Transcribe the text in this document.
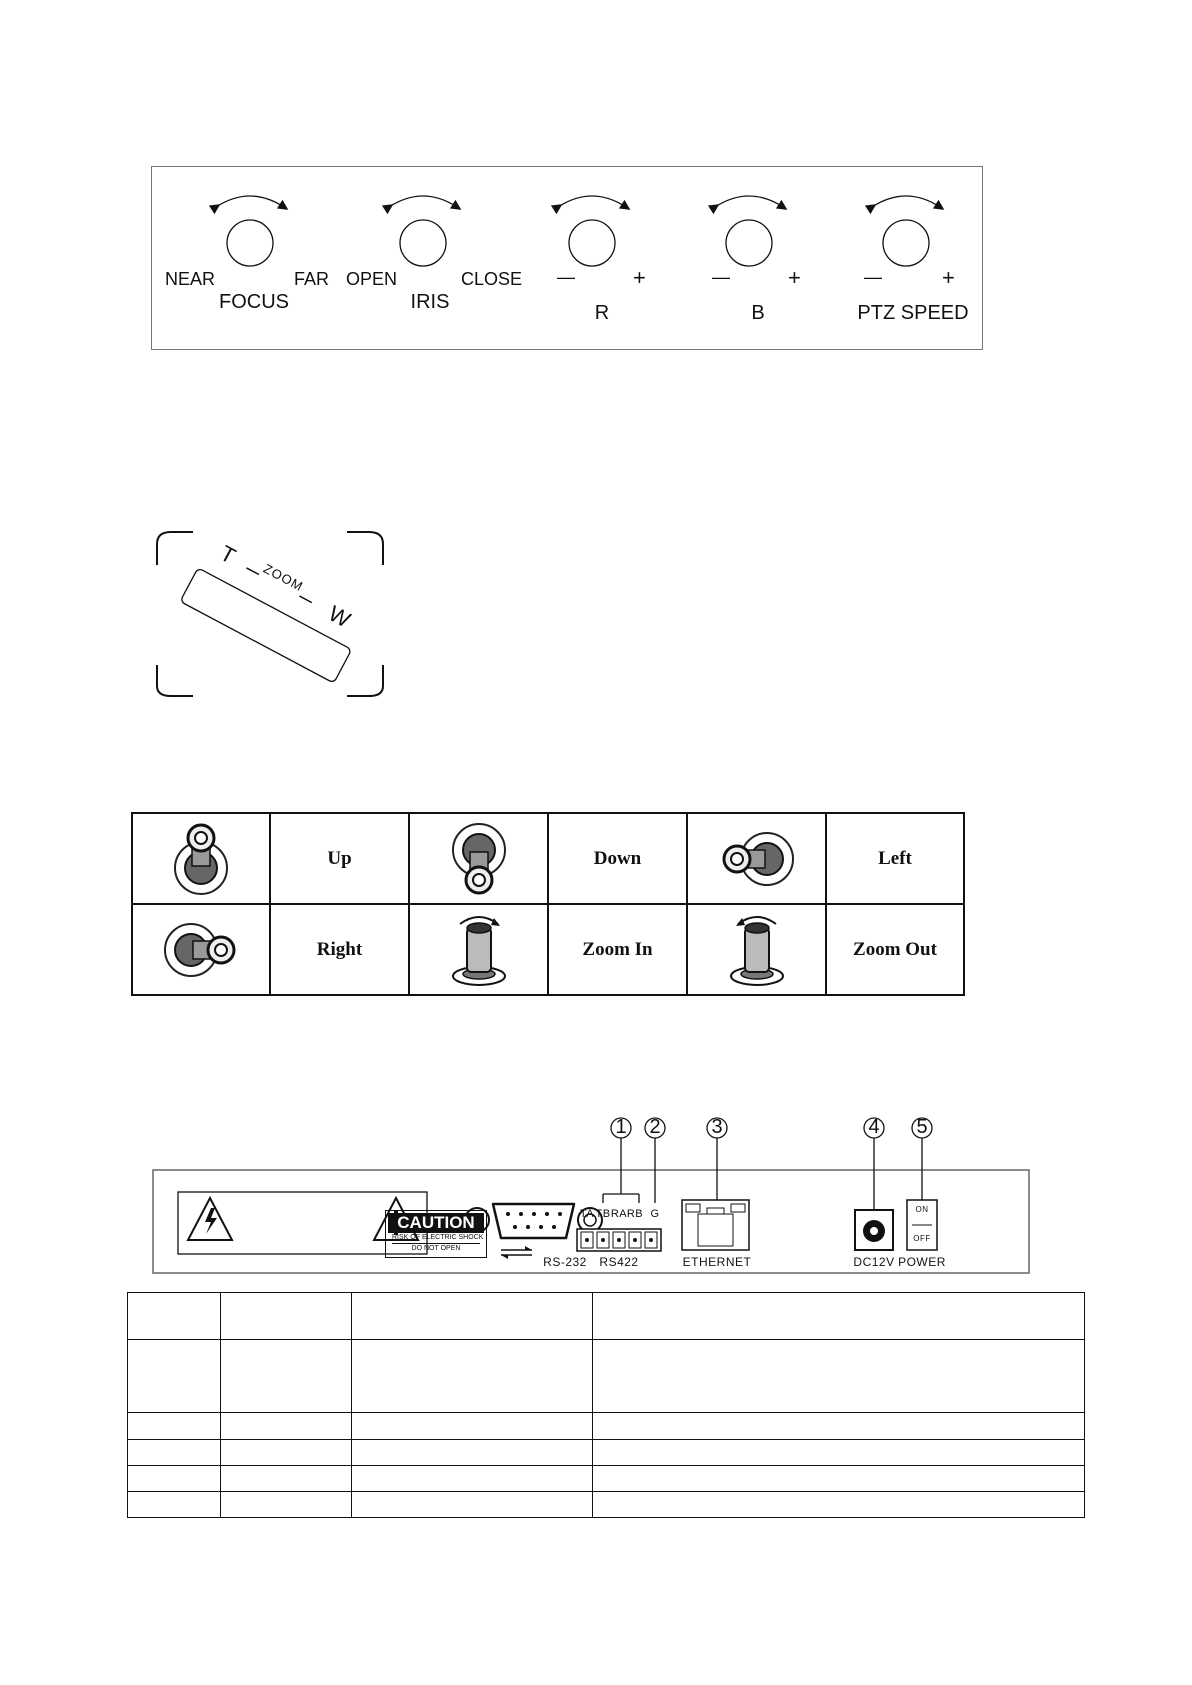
NEAR	FAR
FOCUS
OPEN	CLOSE
IRIS
—	+
R
—	+
B
—	+
PTZ SPEED
T
ZOOM
W
	Up		Down		Left

	Right		Zoom In		Zoom Out
1 2	3	4 5
CAUTION
RISK OF ELECTRIC SHOCK
DO NOT OPEN
TA TB RA RB G	ON
OFF
RS-232 RS422	ETHERNET	DC12V POWER
